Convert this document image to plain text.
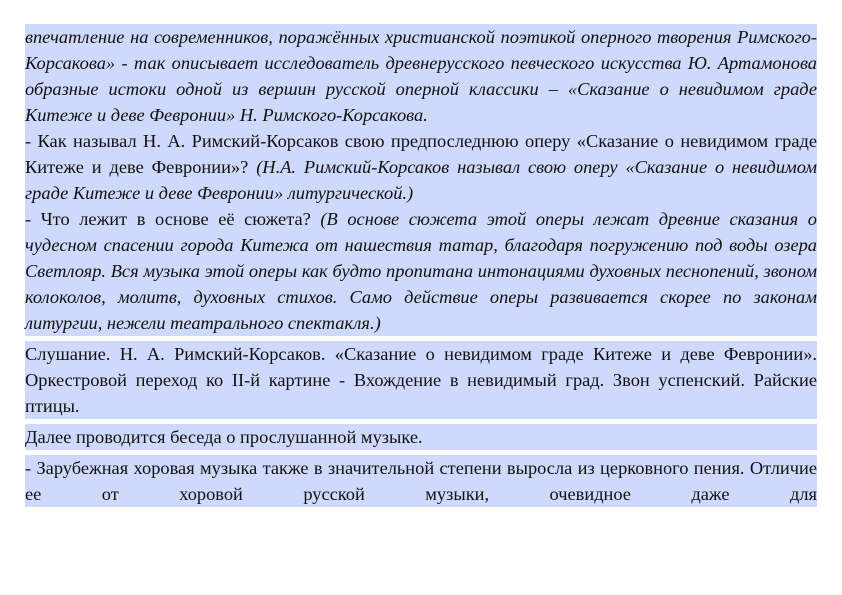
впечатление на современников, поражённых христианской поэтикой оперного творения Римского-Корсакова» - так описывает исследователь древнерусского певческого искусства Ю. Артамонова образные истоки одной из вершин русской оперной классики – «Сказание о невидимом граде Китеже и деве Февронии» Н. Римского-Корсакова.

- Как называл Н. А. Римский-Корсаков свою предпоследнюю оперу «Сказание о невидимом граде Китеже и деве Февронии»? (Н.А. Римский-Корсаков называл свою оперу «Сказание о невидимом граде Китеже и деве Февронии» литургической.)

- Что лежит в основе её сюжета? (В основе сюжета этой оперы лежат древние сказания о чудесном спасении города Китежа от нашествия татар, благодаря погружению под воды озера Светлояр. Вся музыка этой оперы как будто пропитана интонациями духовных песнопений, звоном колоколов, молитв, духовных стихов. Само действие оперы развивается скорее по законам литургии, нежели театрального спектакля.)

Слушание. Н. А. Римский-Корсаков. «Сказание о невидимом граде Китеже и деве Февронии». Оркестровой переход ко II-й картине - Вхождение в невидимый град. Звон успенский. Райские птицы.

Далее проводится беседа о прослушанной музыке.

- Зарубежная хоровая музыка также в значительной степени выросла из церковного пения. Отличие ее от хоровой русской музыки, очевидное даже для
